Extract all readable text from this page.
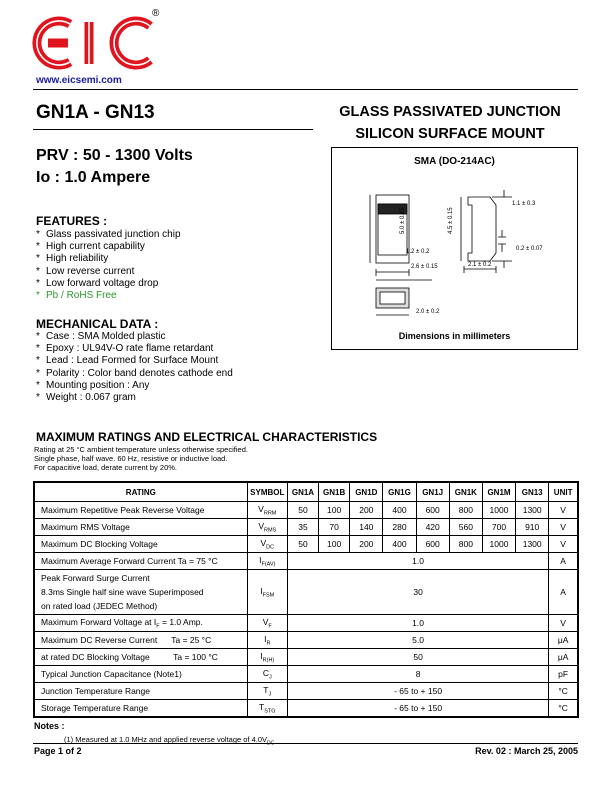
®
www.eicsemi.com
GN1A - GN13	GLASS PASSIVATED JUNCTION
SILICON SURFACE MOUNT
PRV : 50 - 1300 Volts
Io : 1.0 Ampere
SMA (DO-214AC)
1.1 ± 0.3
5.0 ± 0.15	4.5 ± 0.15
0.2 ± 0.07
1.2 ± 0.2
2.6 ± 0.15	2.1 ± 0.2
2.0 ± 0.2
Dimensions in millimeters
FEATURES :
* Glass passivated junction chip
* High current capability
* High reliability
* Low reverse current
* Low forward voltage drop
* Pb / RoHS Free
MECHANICAL DATA :
* Case : SMA Molded plastic
* Epoxy : UL94V-O rate flame retardant
* Lead : Lead Formed for Surface Mount
* Polarity : Color band denotes cathode end
* Mounting position : Any
* Weight : 0.067 gram
MAXIMUM RATINGS AND ELECTRICAL CHARACTERISTICS
Rating at 25 °C ambient temperature unless otherwise specified.
Single phase, half wave. 60 Hz, resistive or inductive load.
For capacitive load, derate current by 20%.
RATING	SYMBOL	GN1A	GN1B	GN1D	GN1G	GN1J	GN1K	GN1M	GN13	UNIT
Maximum Repetitive Peak Reverse Voltage	$V_{RRM}$	50	100	200	400	600	800	1000	1300	V
Maximum RMS Voltage	$V_{RMS}$	35	70	140	280	420	560	700	910	V
Maximum DC Blocking Voltage	$V_{DC}$	50	100	200	400	600	800	1000	1300	V
Maximum Average Forward Current Ta = 75 °C	$I_{F(AV)}$	1.0								A

Peak Forward Surge Current
8.3ms Single half sine wave Superimposed
on rated load (JEDEC Method)	$I_{FSM}$	30								A
Maximum Forward Voltage at $I_F = 1.0$ Amp.	$V_F$	1.0								V
Maximum DC Reverse Current      Ta = 25 °C	$I_R$	5.0								μA
at rated DC Blocking Voltage          Ta = 100 °C	$I_{R(H)}$	50								μA
Typical Junction Capacitance (Note1)	$C_J$	8								pF
Junction Temperature Range	$T_J$	- 65 to + 150								°C
Storage Temperature Range	$T_{STG}$	- 65 to + 150								°C
Notes :
(1) Measured at 1.0 MHz and applied reverse voltage of $4.0V_{DC}$
Page 1 of 2	Rev. 02 : March 25, 2005
